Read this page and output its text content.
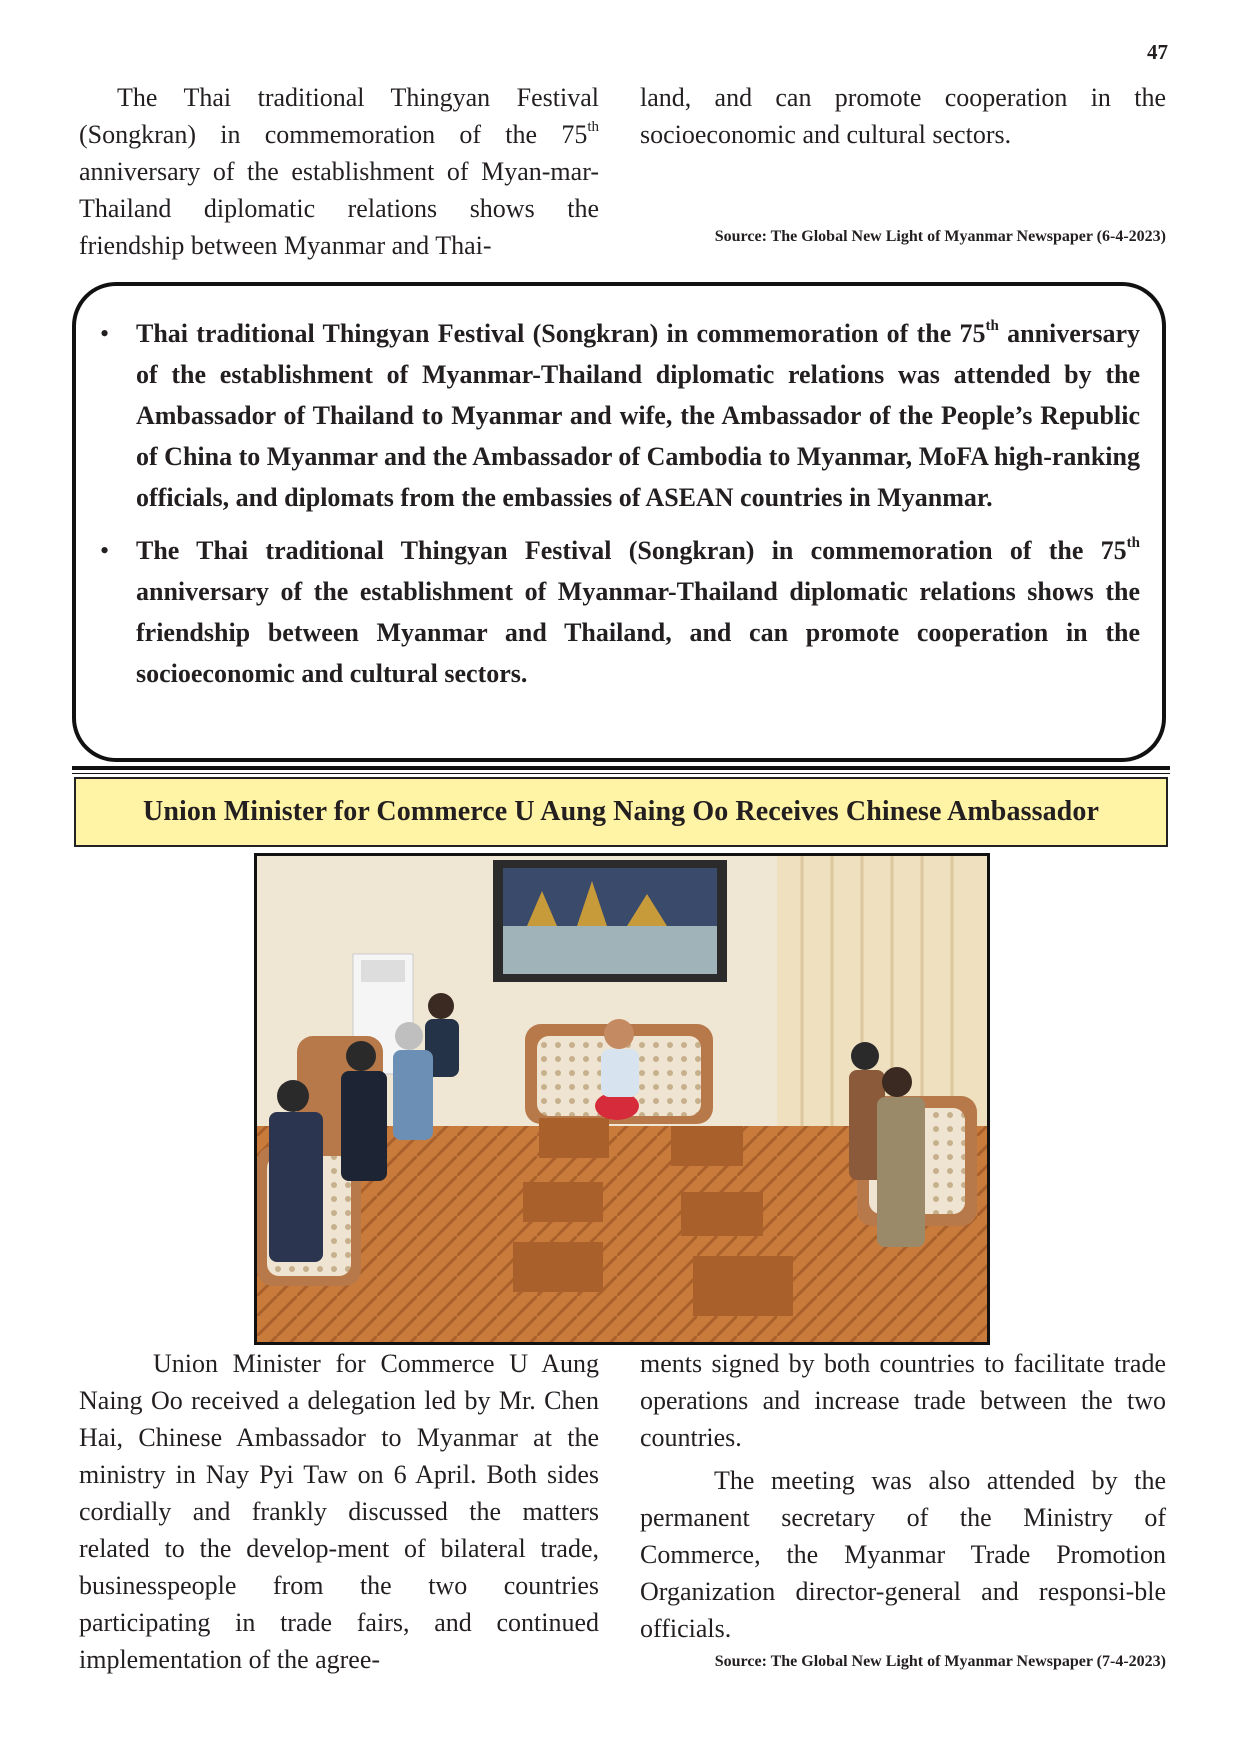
47

The Thai traditional Thingyan Festival (Songkran) in commemoration of the 75th anniversary of the establishment of Myan-mar-Thailand diplomatic relations shows the friendship between Myanmar and Thai-

land, and can promote cooperation in the socioeconomic and cultural sectors.

Source: The Global New Light of Myanmar Newspaper (6-4-2023)
• Thai traditional Thingyan Festival (Songkran) in commemoration of the 75th anniversary of the establishment of Myanmar-Thailand diplomatic relations was attended by the Ambassador of Thailand to Myanmar and wife, the Ambassador of the People’s Republic of China to Myanmar and the Ambassador of Cambodia to Myanmar, MoFA high-ranking officials, and diplomats from the embassies of ASEAN countries in Myanmar.
• The Thai traditional Thingyan Festival (Songkran) in commemoration of the 75th anniversary of the establishment of Myanmar-Thailand diplomatic relations shows the friendship between Myanmar and Thailand, and can promote cooperation in the socioeconomic and cultural sectors.
Union Minister for Commerce U Aung Naing Oo Receives Chinese Ambassador

Union Minister for Commerce U Aung Naing Oo received a delegation led by Mr. Chen Hai, Chinese Ambassador to Myanmar at the ministry in Nay Pyi Taw on 6 April. Both sides cordially and frankly discussed the matters related to the develop-ment of bilateral trade, businesspeople from the two countries participating in trade fairs, and continued implementation of the agree-

ments signed by both countries to facilitate trade operations and increase trade between the two countries.

The meeting was also attended by the permanent secretary of the Ministry of Commerce, the Myanmar Trade Promotion Organization director-general and responsi-ble officials.

Source: The Global New Light of Myanmar Newspaper (7-4-2023)
